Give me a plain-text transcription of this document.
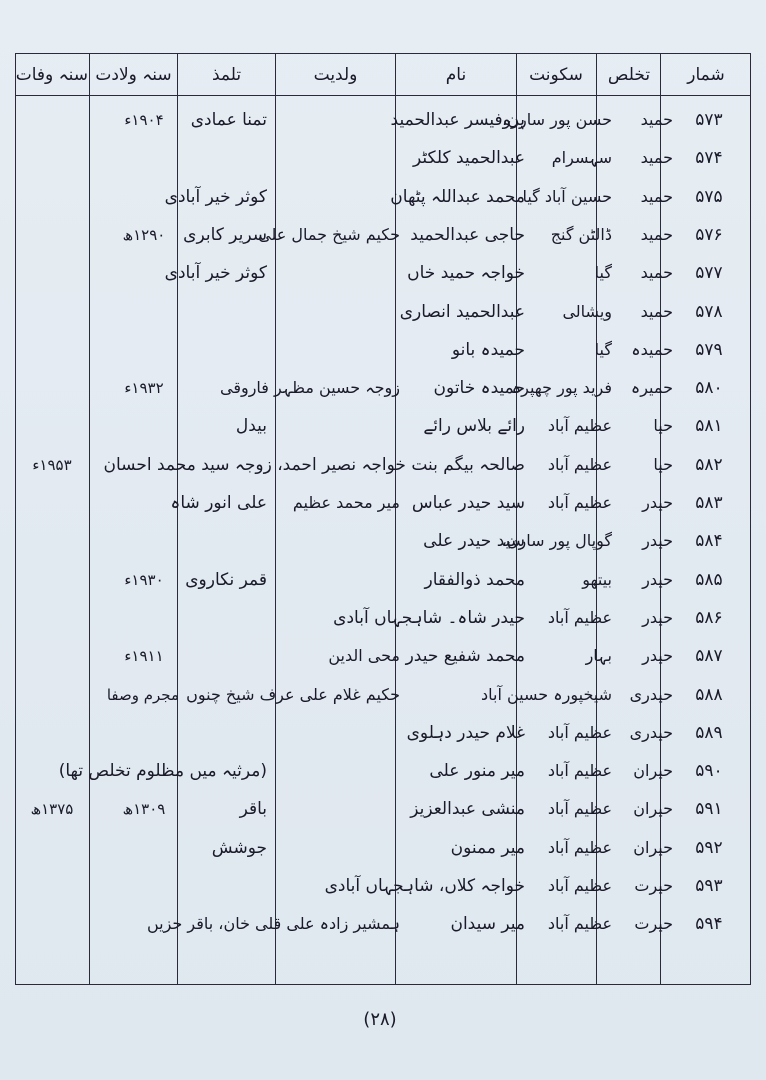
شمار
تخلص
سکونت
نام
ولدیت
تلمذ
سنہ ولادت
سنہ وفات
۵۷۳
حمید
حسن پور سارن،
پروفیسر عبدالحمید
تمنا عمادی
۱۹۰۴ء
۵۷۴
حمید
سہسرام
عبدالحمید کلکٹر
۵۷۵
حمید
حسین آباد گیا
محمد عبداللہ پٹھان
کوثر خیر آبادی
۵۷۶
حمید
ڈالٹن گنج
حاجی عبدالحمید
حکیم شیخ جمال علی
سریر کابری
۱۲۹۰ھ
۵۷۷
حمید
گیا
خواجہ حمید خاں
کوثر خیر آبادی
۵۷۸
حمید
ویشالی
عبدالحمید انصاری
۵۷۹
حمیدہ
گیا
حمیدہ بانو
۵۸۰
حمیرہ
فرید پور چھپرہ
حمیدہ خاتون
زوجہ حسین مظہر فاروقی
۱۹۳۲ء
۵۸۱
حیا
عظیم آباد
رائے بلاس رائے
بیدل
۵۸۲
حیا
عظیم آباد
صالحہ بیگم بنت خواجہ نصیر احمد، زوجہ سید محمد احسان
۱۹۵۳ء
۵۸۳
حیدر
عظیم آباد
سید حیدر عباس
میر محمد عظیم
علی انور شاہ
۵۸۴
حیدر
گوپال پور سارن،
سید حیدر علی
۵۸۵
حیدر
بیتھو
محمد ذوالفقار
قمر نکاروی
۱۹۳۰ء
۵۸۶
حیدر
عظیم آباد
حیدر شاہ۔ شاہجہاں آبادی
۵۸۷
حیدر
بہار
محمد شفیع حیدر
محی الدین
۱۹۱۱ء
۵۸۸
حیدری
شیخپورہ حسین آباد
حکیم غلام علی عرف شیخ چنوں
مجرم وصفا
۵۸۹
حیدری
عظیم آباد
غلام حیدر دہلوی
۵۹۰
حیران
عظیم آباد
میر منور علی
(مرثیہ میں مظلوم تخلص تھا)
۵۹۱
حیران
عظیم آباد
منشی عبدالعزیز
باقر
۱۳۰۹ھ
۱۳۷۵ھ
۵۹۲
حیران
عظیم آباد
میر ممنون
جوشش
۵۹۳
حیرت
عظیم آباد
خواجہ کلاں، شاہجہاں آبادی
۵۹۴
حیرت
عظیم آباد
میر سیدان
ہمشیر زادہ علی قلی خان، باقر حزیں
(۲۸)
